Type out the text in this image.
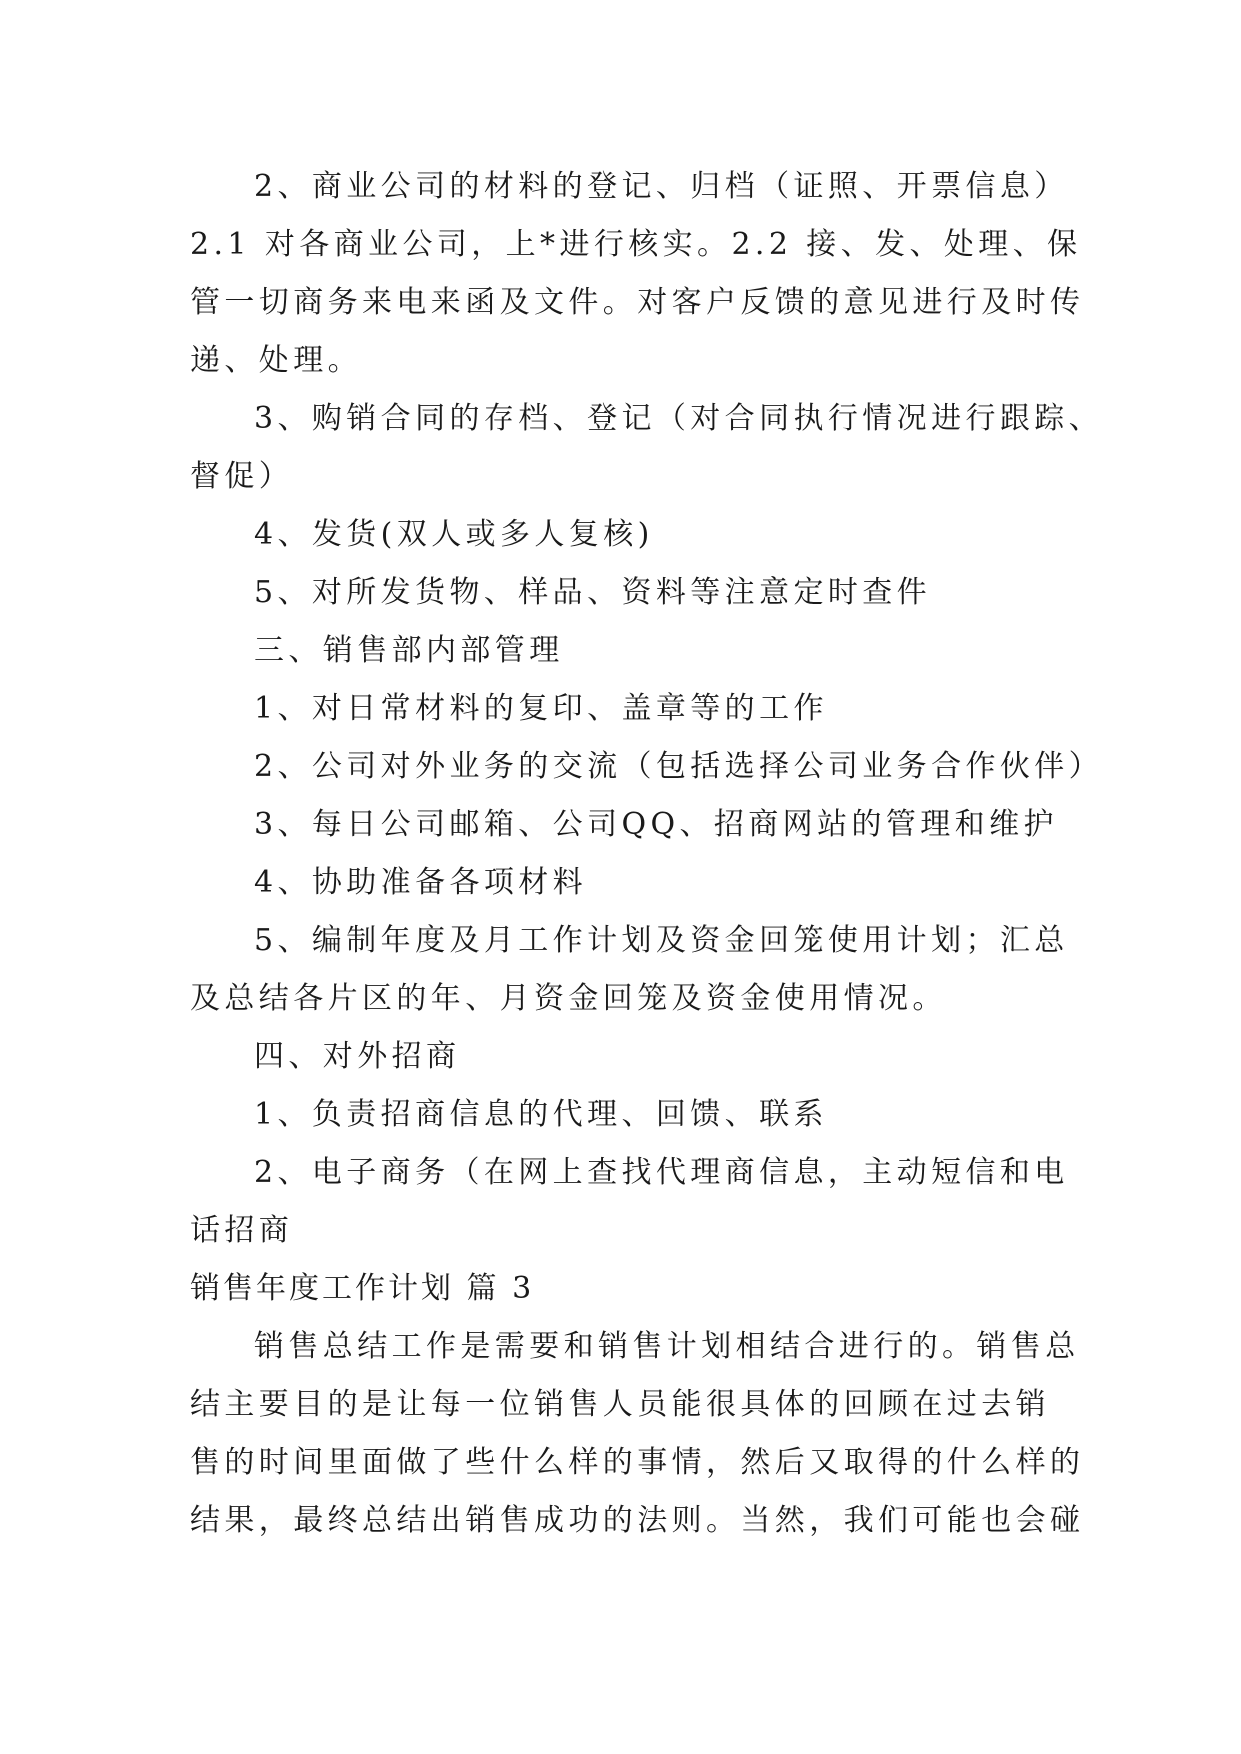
2、商业公司的材料的登记、归档（证照、开票信息）
2.1 对各商业公司，上*进行核实。2.2 接、发、处理、保
管一切商务来电来函及文件。对客户反馈的意见进行及时传
递、处理。
3、购销合同的存档、登记（对合同执行情况进行跟踪、
督促）
4、发货(双人或多人复核)
5、对所发货物、样品、资料等注意定时查件
三、销售部内部管理
1、对日常材料的复印、盖章等的工作
2、公司对外业务的交流（包括选择公司业务合作伙伴）
3、每日公司邮箱、公司QQ、招商网站的管理和维护
4、协助准备各项材料
5、编制年度及月工作计划及资金回笼使用计划；汇总
及总结各片区的年、月资金回笼及资金使用情况。
四、对外招商
1、负责招商信息的代理、回馈、联系
2、电子商务（在网上查找代理商信息，主动短信和电
话招商
销售年度工作计划 篇 3
销售总结工作是需要和销售计划相结合进行的。销售总
结主要目的是让每一位销售人员能很具体的回顾在过去销
售的时间里面做了些什么样的事情，然后又取得的什么样的
结果，最终总结出销售成功的法则。当然，我们可能也会碰
